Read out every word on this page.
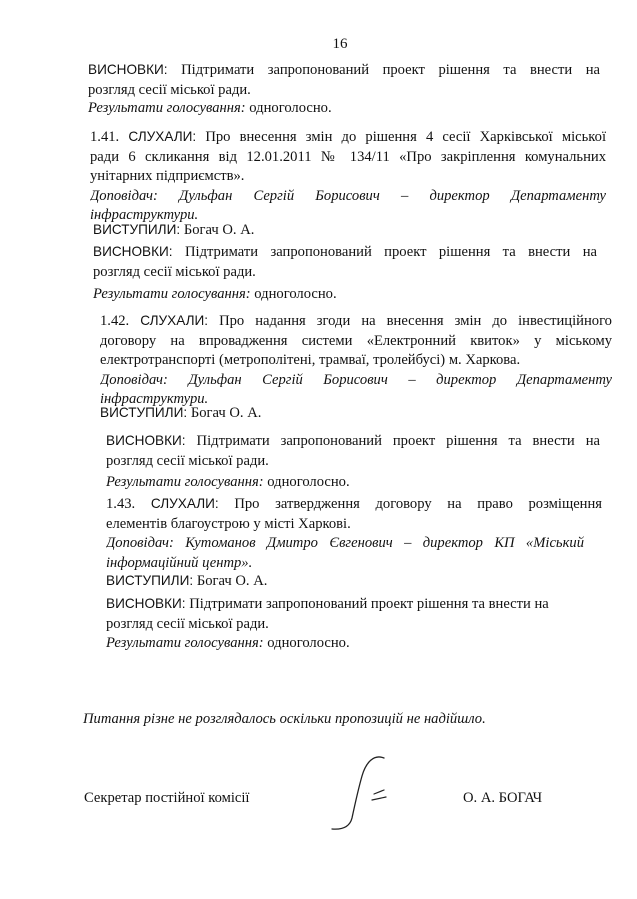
16
ВИСНОВКИ: Підтримати запропонований проект рішення та внести на
розгляд сесії міської ради.
Результати голосування: одноголосно.
1.41. СЛУХАЛИ: Про внесення змін до рішення 4 сесії Харківської міської
ради 6 скликання від 12.01.2011 № 134/11 «Про закріплення комунальних
унітарних підприємств».
Доповідач: Дульфан Сергій Борисович – директор Департаменту
інфраструктури.
ВИСТУПИЛИ: Богач О. А.
ВИСНОВКИ: Підтримати запропонований проект рішення та внести на
розгляд сесії міської ради.
Результати голосування: одноголосно.
1.42. СЛУХАЛИ: Про надання згоди на внесення змін до інвестиційного
договору на впровадження системи «Електронний квиток» у міському
електротранспорті (метрополітені, трамваї, тролейбусі) м. Харкова.
Доповідач: Дульфан Сергій Борисович – директор Департаменту
інфраструктури.
ВИСТУПИЛИ: Богач О. А.
ВИСНОВКИ: Підтримати запропонований проект рішення та внести на
розгляд сесії міської ради.
Результати голосування: одноголосно.
1.43. СЛУХАЛИ: Про затвердження договору на право розміщення
елементів благоустрою у місті Харкові.
Доповідач: Кутоманов Дмитро Євгенович – директор КП «Міський
інформаційний центр».
ВИСТУПИЛИ: Богач О. А.
ВИСНОВКИ: Підтримати запропонований проект рішення та внести на
розгляд сесії міської ради.
Результати голосування: одноголосно.
Питання різне не розглядалось оскільки пропозицій не надійшло.
Секретар постійної комісії	О. А. БОГАЧ
